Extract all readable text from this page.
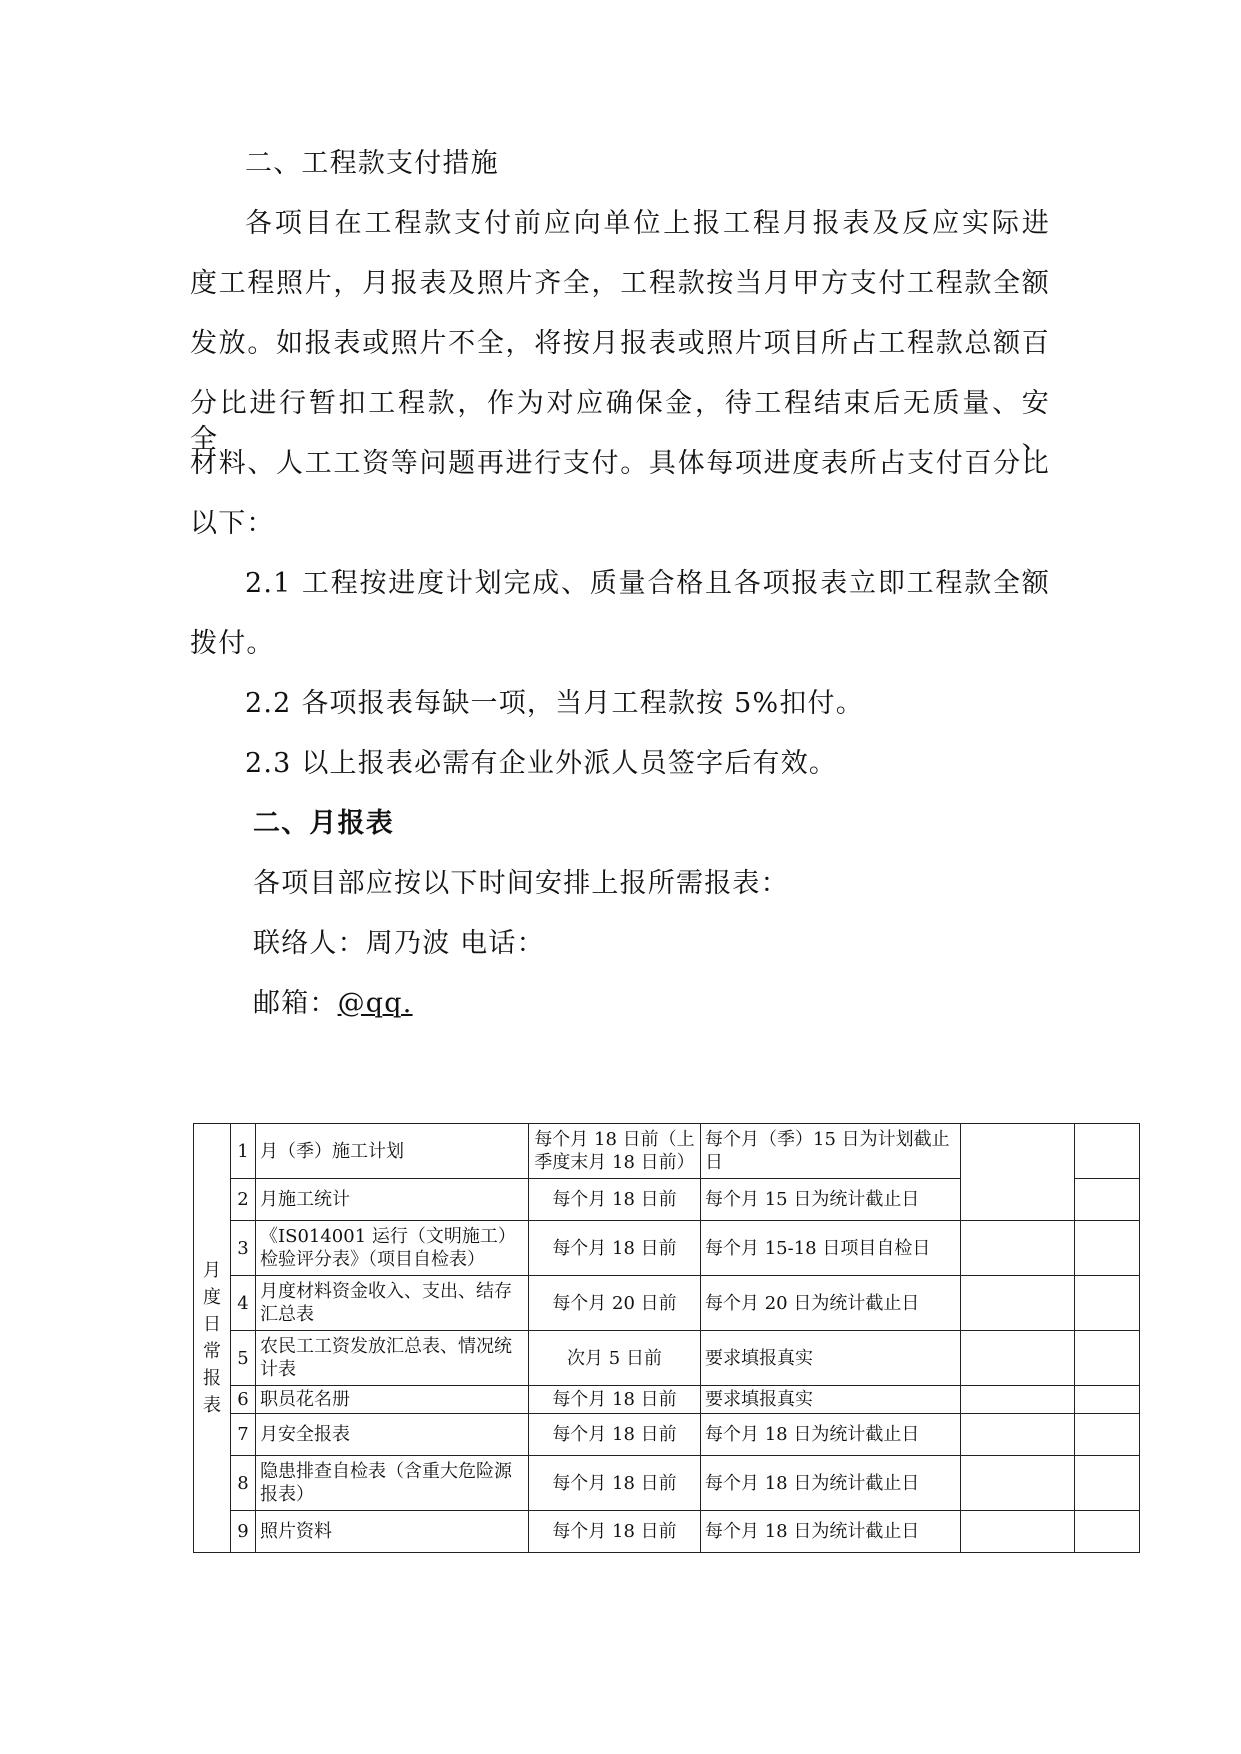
二、工程款支付措施
各项目在工程款支付前应向单位上报工程月报表及反应实际进
度工程照片，月报表及照片齐全，工程款按当月甲方支付工程款全额
发放。如报表或照片不全，将按月报表或照片项目所占工程款总额百
分比进行暂扣工程款，作为对应确保金，待工程结束后无质量、安全、
材料、人工工资等问题再进行支付。具体每项进度表所占支付百分比
以下：
2.1 工程按进度计划完成、质量合格且各项报表立即工程款全额
拨付。
2.2 各项报表每缺一项，当月工程款按 5%扣付。
2.3 以上报表必需有企业外派人员签字后有效。
二、月报表
各项目部应按以下时间安排上报所需报表：
联络人：周乃波 电话：
邮箱：@qq.
月度日常报表	1	月（季）施工计划	每个月 18 日前（上季度末月 18 日前）	每个月（季）15 日为计划截止日		
	2	月施工统计	每个月 18 日前	每个月 15 日为统计截止日		
	3	《IS014001 运行（文明施工）检验评分表》（项目自检表）	每个月 18 日前	每个月 15-18 日项目自检日		
	4	月度材料资金收入、支出、结存汇总表	每个月 20 日前	每个月 20 日为统计截止日		
	5	农民工工资发放汇总表、情况统计表	次月 5 日前	要求填报真实		
	6	职员花名册	每个月 18 日前	要求填报真实		
	7	月安全报表	每个月 18 日前	每个月 18 日为统计截止日		
	8	隐患排查自检表（含重大危险源报表）	每个月 18 日前	每个月 18 日为统计截止日		
	9	照片资料	每个月 18 日前	每个月 18 日为统计截止日		
